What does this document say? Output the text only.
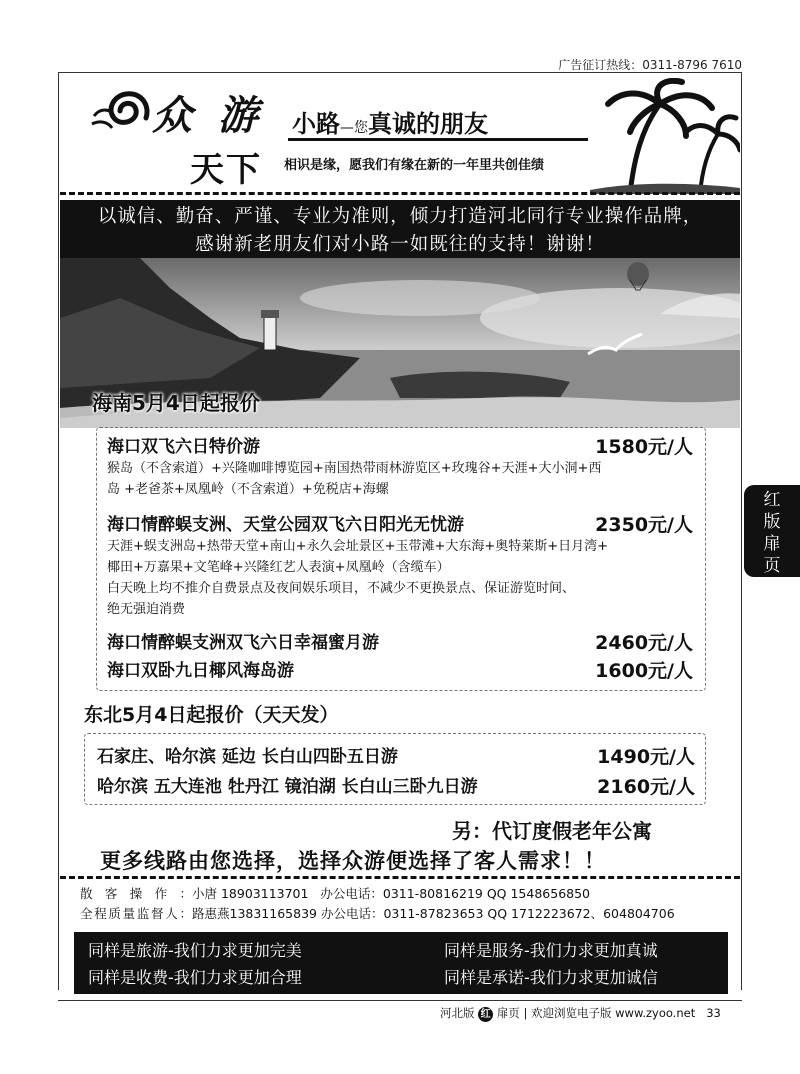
广告征订热线：0311-8796 7610
众 游
天下
小路—您真诚的朋友
相识是缘，愿我们有缘在新的一年里共创佳绩
以诚信、勤奋、严谨、专业为准则，倾力打造河北同行专业操作品牌，
感谢新老朋友们对小路一如既往的支持！谢谢！
海南5月4日起报价
海口双飞六日特价游	1580元/人
猴岛（不含索道）+兴隆咖啡博览园+南国热带雨林游览区+玫瑰谷+天涯+大小洞+西
岛 +老爸茶+凤凰岭（不含索道）+免税店+海螺
海口情醉蜈支洲、天堂公园双飞六日阳光无忧游	2350元/人
天涯+蜈支洲岛+热带天堂+南山+永久会址景区+玉带滩+大东海+奥特莱斯+日月湾+
椰田+万嘉果+文笔峰+兴隆红艺人表演+凤凰岭（含缆车）
白天晚上均不推介自费景点及夜间娱乐项目，不减少不更换景点、保证游览时间、
绝无强迫消费
海口情醉蜈支洲双飞六日幸福蜜月游	2460元/人
海口双卧九日椰风海岛游	1600元/人
东北5月4日起报价（天天发）
石家庄、哈尔滨 延边 长白山四卧五日游	1490元/人
哈尔滨 五大连池 牡丹江 镜泊湖 长白山三卧九日游	2160元/人
另：代订度假老年公寓
更多线路由您选择，选择众游便选择了客人需求！！
散客操作：小唐 18903113701 办公电话：0311-80816219 QQ 1548656850
全程质量监督人：路惠燕13831165839 办公电话：0311-87823653 QQ 1712223672、604804706
同样是旅游-我们力求更加完美	同样是服务-我们力求更加真诚
同样是收费-我们力求更加合理	同样是承诺-我们力求更加诚信
河北版 红 扉页 | 欢迎浏览电子版 www.zyoo.net 33
红
版
扉
页
